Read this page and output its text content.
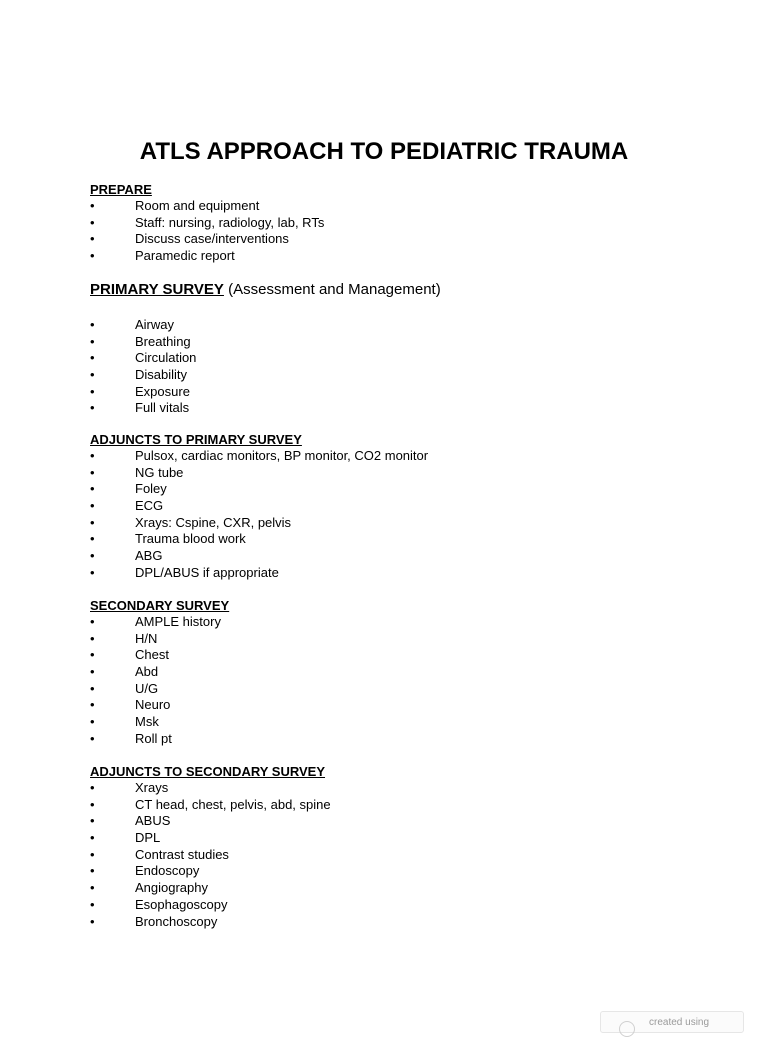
ATLS APPROACH TO PEDIATRIC TRAUMA
PREPARE
•	Room and equipment
•	Staff: nursing, radiology, lab, RTs
•	Discuss case/interventions
•	Paramedic report
PRIMARY SURVEY (Assessment and Management)
•	Airway
•	Breathing
•	Circulation
•	Disability
•	Exposure
•	Full vitals
ADJUNCTS TO PRIMARY SURVEY
•	Pulsox, cardiac monitors, BP monitor, CO2 monitor
•	NG tube
•	Foley
•	ECG
•	Xrays: Cspine, CXR, pelvis
•	Trauma blood work
•	ABG
•	DPL/ABUS if appropriate
SECONDARY SURVEY
•	AMPLE history
•	H/N
•	Chest
•	Abd
•	U/G
•	Neuro
•	Msk
•	Roll pt
ADJUNCTS TO SECONDARY SURVEY
•	Xrays
•	CT head, chest, pelvis, abd, spine
•	ABUS
•	DPL
•	Contrast studies
•	Endoscopy
•	Angiography
•	Esophagoscopy
•	Bronchoscopy
created using
